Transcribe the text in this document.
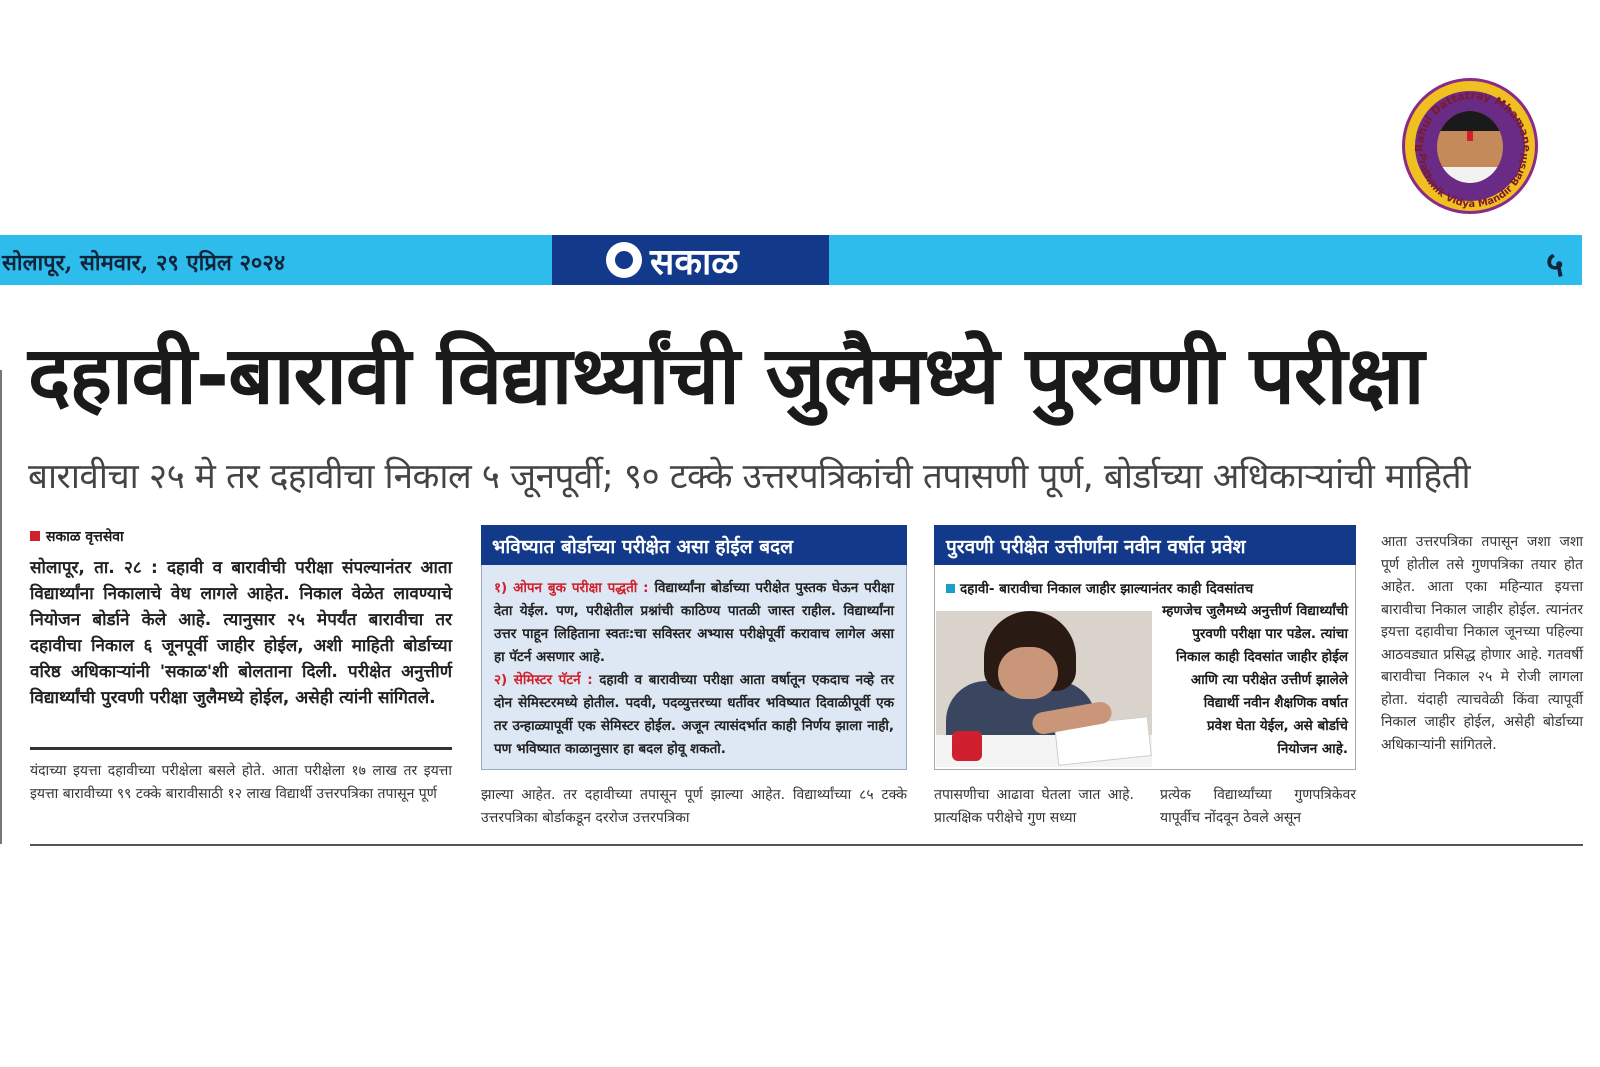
Rahul Dattatray Mhamane
Prathmik Vidya Mandir Barshi
सोलापूर, सोमवार, २९ एप्रिल २०२४	सकाळ	५
दहावी-बारावी विद्यार्थ्यांची जुलैमध्ये पुरवणी परीक्षा
बारावीचा २५ मे तर दहावीचा निकाल ५ जूनपूर्वी; ९० टक्के उत्तरपत्रिकांची तपासणी पूर्ण, बोर्डाच्या अधिकाऱ्यांची माहिती
सकाळ वृत्तसेवा
सोलापूर, ता. २८ : दहावी व बारावीची परीक्षा संपल्यानंतर आता विद्यार्थ्यांना निकालाचे वेध लागले आहेत. निकाल वेळेत लावण्याचे नियोजन बोर्डाने केले आहे. त्यानुसार २५ मेपर्यंत बारावीचा तर दहावीचा निकाल ६ जूनपूर्वी जाहीर होईल, अशी माहिती बोर्डाच्या वरिष्ठ अधिकाऱ्यांनी 'सकाळ'शी बोलताना दिली. परीक्षेत अनुत्तीर्ण विद्यार्थ्यांची पुरवणी परीक्षा जुलैमध्ये होईल, असेही त्यांनी सांगितले.
यंदाच्या इयत्ता दहावीच्या परीक्षेला बसले होते. आता परीक्षेला १७ लाख तर इयत्ता इयत्ता बारावीच्या ९९ टक्के बारावीसाठी १२ लाख विद्यार्थी उत्तरपत्रिका तपासून पूर्ण
भविष्यात बोर्डाच्या परीक्षेत असा होईल बदल
१) ओपन बुक परीक्षा पद्धती : विद्यार्थ्यांना बोर्डाच्या परीक्षेत पुस्तक घेऊन परीक्षा देता येईल. पण, परीक्षेतील प्रश्नांची काठिण्य पातळी जास्त राहील. विद्यार्थ्यांना उत्तर पाहून लिहिताना स्वतः:चा सविस्तर अभ्यास परीक्षेपूर्वी करावाच लागेल असा हा पॅटर्न असणार आहे.
२) सेमिस्टर पॅटर्न : दहावी व बारावीच्या परीक्षा आता वर्षातून एकदाच नव्हे तर दोन सेमिस्टरमध्ये होतील. पदवी, पदव्युत्तरच्या धर्तीवर भविष्यात दिवाळीपूर्वी एक तर उन्हाळ्यापूर्वी एक सेमिस्टर होईल. अजून त्यासंदर्भात काही निर्णय झाला नाही, पण भविष्यात काळानुसार हा बदल होवू शकतो.
झाल्या आहेत. तर दहावीच्या तपासून पूर्ण झाल्या आहेत. विद्यार्थ्यांच्या ८५ टक्के उत्तरपत्रिका बोर्डाकडून दररोज उत्तरपत्रिका
पुरवणी परीक्षेत उत्तीर्णांना नवीन वर्षात प्रवेश
दहावी- बारावीचा निकाल जाहीर झाल्यानंतर काही दिवसांतच
म्हणजेच जुलैमध्ये अनुत्तीर्ण विद्यार्थ्यांची
पुरवणी परीक्षा पार पडेल. त्यांचा
निकाल काही दिवसांत जाहीर होईल
आणि त्या परीक्षेत उत्तीर्ण झालेले
विद्यार्थी नवीन शैक्षणिक वर्षात
प्रवेश घेता येईल, असे बोर्डाचे
नियोजन आहे.
तपासणीचा आढावा घेतला जात आहे. प्रात्यक्षिक परीक्षेचे गुण सध्या
प्रत्येक विद्यार्थ्यांच्या गुणपत्रिकेवर यापूर्वीच नोंदवून ठेवले असून
आता उत्तरपत्रिका तपासून जशा जशा पूर्ण होतील तसे गुणपत्रिका तयार होत आहेत. आता एका महिन्यात इयत्ता बारावीचा निकाल जाहीर होईल. त्यानंतर इयत्ता दहावीचा निकाल जूनच्या पहिल्या आठवड्यात प्रसिद्ध होणार आहे. गतवर्षी बारावीचा निकाल २५ मे रोजी लागला होता. यंदाही त्याचवेळी किंवा त्यापूर्वी निकाल जाहीर होईल, असेही बोर्डाच्या अधिकाऱ्यांनी सांगितले.
